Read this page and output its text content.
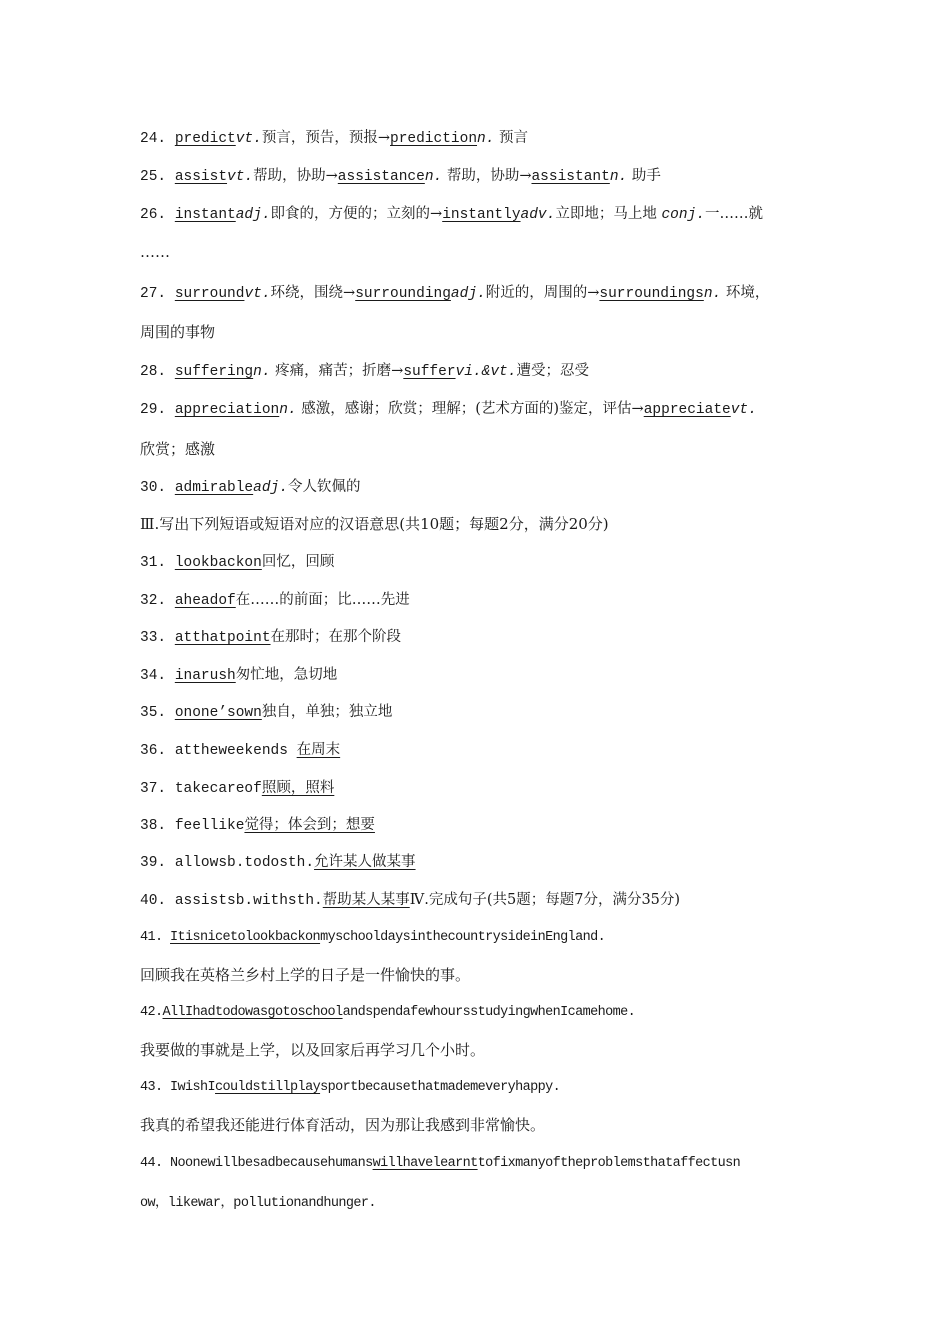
24. predictvt.预言，预告，预报→predictionn. 预言
25. assistvt.帮助，协助→assistancen. 帮助，协助→assistantn. 助手
26. instantadj.即食的，方便的；立刻的→instantlyadv.立即地；马上地 conj.一……就
……
27. surroundvt.环绕，围绕→surroundingadj.附近的，周围的→surroundingsn. 环境，
周围的事物
28. sufferingn. 疼痛，痛苦；折磨→suffervi.&vt.遭受；忍受
29. appreciationn. 感激，感谢；欣赏；理解；(艺术方面的)鉴定，评估→appreciatevt.
欣赏；感激
30. admirableadj.令人钦佩的
Ⅲ.写出下列短语或短语对应的汉语意思(共10题；每题2分，满分20分)
31. lookbackon回忆，回顾
32. aheadof在……的前面；比……先进
33. atthatpoint在那时；在那个阶段
34. inarush匆忙地，急切地
35. onone’sown独自，单独；独立地
36. attheweekends 在周末
37. takecareof照顾，照料
38. feellike觉得；体会到；想要
39. allowsb.todosth.允许某人做某事
40. assistsb.withsth.帮助某人某事Ⅳ.完成句子(共5题；每题7分，满分35分)
41. ItisnicetolookbackonmyschooldaysinthecountrysideinEngland.
回顾我在英格兰乡村上学的日子是一件愉快的事。
42.AllIhadtodowasgotoschoolandspendafewhoursstudyingwhenIcamehome.
我要做的事就是上学，以及回家后再学习几个小时。
43. IwishIcouldstillplaysportbecausethatmademeveryhappy.
我真的希望我还能进行体育活动，因为那让我感到非常愉快。
44. Noonewillbesadbecausehumanswillhavelearnttofixmanyoftheproblemsthataffectusn
ow，likewar，pollutionandhunger.
